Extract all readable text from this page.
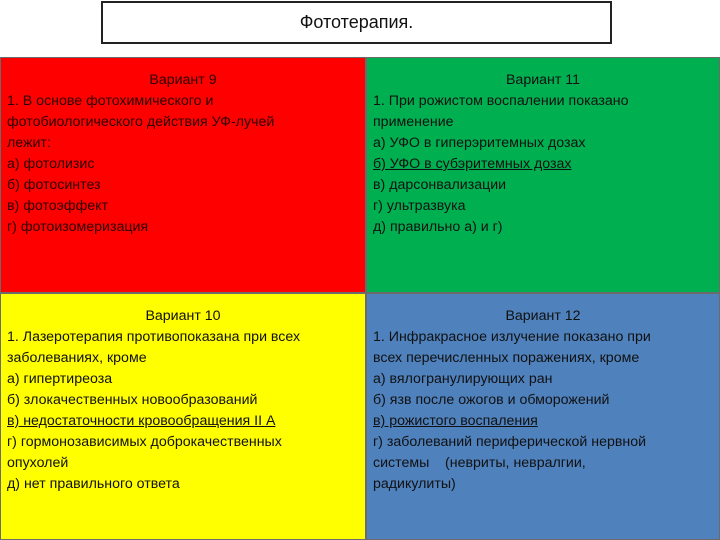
Фототерапия.
Вариант 9
1. В основе фотохимического и
фотобиологического действия УФ-лучей
лежит:
а) фотолизис
б) фотосинтез
в) фотоэффект
г) фотоизомеризация
Вариант 11
1. При рожистом воспалении показано
применение
а) УФО в гиперэритемных дозах
б) УФО в субэритемных дозах
в) дарсонвализации
г) ультразвука
д) правильно а) и г)
Вариант 10
1. Лазеротерапия противопоказана при всех
заболеваниях, кроме
а) гипертиреоза
б) злокачественных новообразований
в) недостаточности кровообращения II А
г) гормонозависимых доброкачественных
опухолей
д) нет правильного ответа
Вариант 12
1. Инфракрасное излучение показано при
всех перечисленных поражениях, кроме
а) вялогранулирующих ран
б) язв после ожогов и обморожений
в) рожистого воспаления
г) заболеваний периферической нервной
системы    (невриты, невралгии,
радикулиты)
